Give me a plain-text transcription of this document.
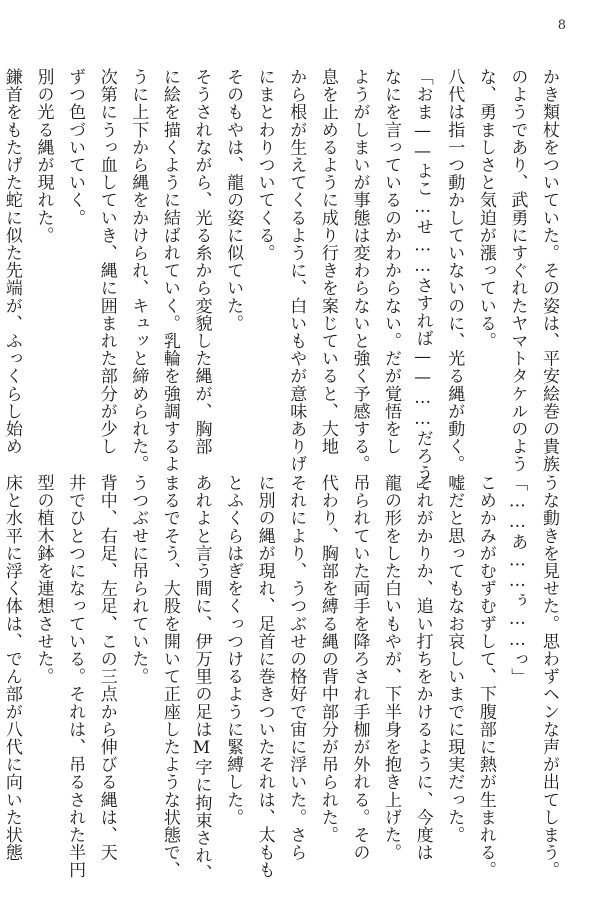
8
かき類杖をついていた。その姿は、平安絵巻の貴族
のようであり、武勇にすぐれたヤマトタケルのよう
な、勇ましさと気迫が漲っている。
八代は指一つ動かしていないのに、光る縄が動く。
「おま——よこ…せ……さすれば——……だろう」
なにを言っているのかわからない。だが覚悟をし
ようがしまいが事態は変わらないと強く予感する。
息を止めるように成り行きを案じていると、大地
から根が生えてくるように、白いもやが意味ありげ
にまとわりついてくる。
そのもやは、龍の姿に似ていた。
そうされながら、光る糸から変貌した縄が、胸部
に絵を描くように結ばれていく。乳輪を強調するよ
うに上下から縄をかけられ、キュッと締められた。
次第にうっ血していき、縄に囲まれた部分が少し
ずつ色づいていく。
別の光る縄が現れた。
鎌首をもたげた蛇に似た先端が、ふっくらし始め
うな動きを見せた。思わずヘンな声が出てしまう。
「……あ……ぅ……っ」
こめかみがむずむずして、下腹部に熱が生まれる。
嘘だと思ってもなお哀しいまでに現実だった。
それがかりか、追い打ちをかけるように、今度は
龍の形をした白いもやが、下半身を抱き上げた。
吊られていた両手を降ろされ手枷が外れる。その
代わり、胸部を縛る縄の背中部分が吊られた。
それにより、うつぶせの格好で宙に浮いた。さら
に別の縄が現れ、足首に巻きついたそれは、太もも
とふくらはぎをくっつけるように緊縛した。
あれよと言う間に、伊万里の足はM字に拘束され、
まるでそう、大股を開いて正座したような状態で、
うつぶせに吊られていた。
背中、右足、左足、この三点から伸びる縄は、天
井でひとつになっている。それは、吊るされた半円
型の植木鉢を連想させた。
床と水平に浮く体は、でん部が八代に向いた状態
